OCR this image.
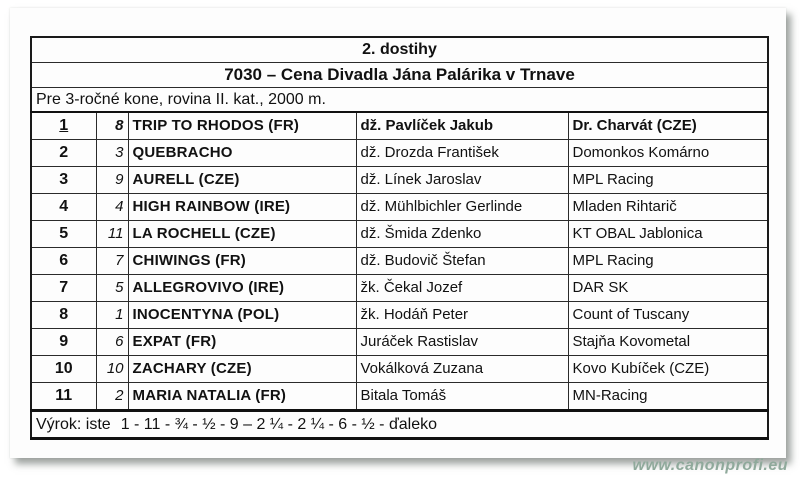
2. dostihy				
7030 – Cena Divadla Jána Palárika v Trnave				
Pre 3-ročné kone, rovina II. kat., 2000 m.				
1	8	TRIP TO RHODOS (FR)	dž. Pavlíček Jakub	Dr. Charvát (CZE)
2	3	QUEBRACHO	dž. Drozda František	Domonkos Komárno
3	9	AURELL (CZE)	dž. Línek Jaroslav	MPL Racing
4	4	HIGH RAINBOW (IRE)	dž. Mühlbichler Gerlinde	Mladen Rihtarič
5	11	LA ROCHELL (CZE)	dž. Šmida Zdenko	KT OBAL Jablonica
6	7	CHIWINGS (FR)	dž. Budovič Štefan	MPL Racing
7	5	ALLEGROVIVO (IRE)	žk. Čekal Jozef	DAR SK
8	1	INOCENTYNA (POL)	žk. Hodáň Peter	Count of Tuscany
9	6	EXPAT (FR)	Juráček Rastislav	Stajňa Kovometal
10	10	ZACHARY (CZE)	Vokálková Zuzana	Kovo Kubíček (CZE)
11	2	MARIA NATALIA (FR)	Bitala Tomáš	MN-Racing
Výrok: iste 1 - 11 - ¾ - ½ - 9 – 2 ¼ - 2 ¼ - 6 - ½ - ďaleko				
www.canonprofi.eu
